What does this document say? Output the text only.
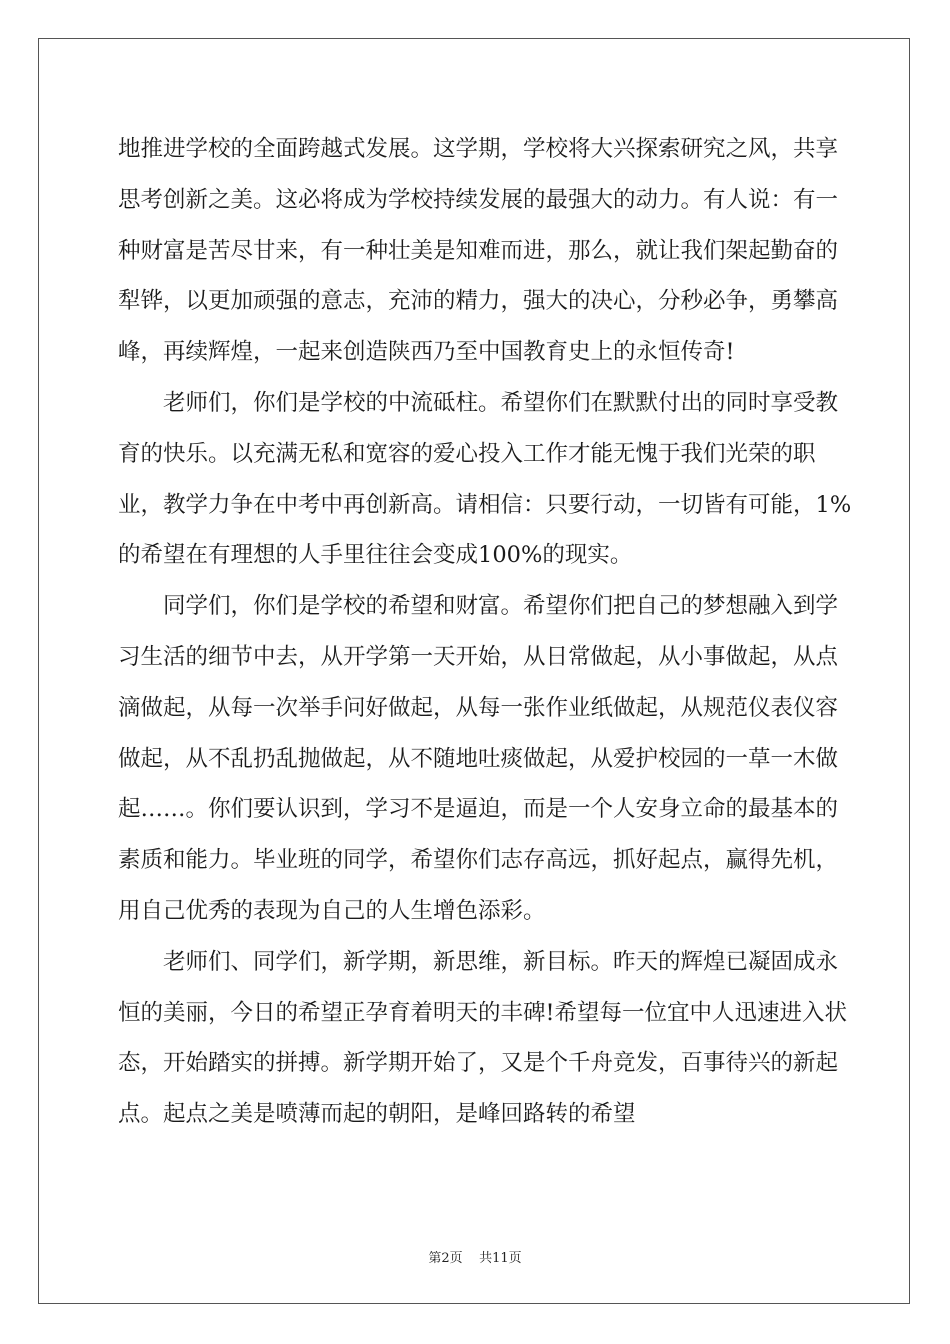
地推进学校的全面跨越式发展。这学期，学校将大兴探索研究之风，共享思考创新之美。这必将成为学校持续发展的最强大的动力。有人说：有一种财富是苦尽甘来，有一种壮美是知难而进，那么，就让我们架起勤奋的犁铧，以更加顽强的意志，充沛的精力，强大的决心，分秒必争，勇攀高峰，再续辉煌，一起来创造陕西乃至中国教育史上的永恒传奇!

老师们，你们是学校的中流砥柱。希望你们在默默付出的同时享受教育的快乐。以充满无私和宽容的爱心投入工作才能无愧于我们光荣的职业，教学力争在中考中再创新高。请相信：只要行动，一切皆有可能，1%的希望在有理想的人手里往往会变成100%的现实。

同学们，你们是学校的希望和财富。希望你们把自己的梦想融入到学习生活的细节中去，从开学第一天开始，从日常做起，从小事做起，从点滴做起，从每一次举手问好做起，从每一张作业纸做起，从规范仪表仪容做起，从不乱扔乱抛做起，从不随地吐痰做起，从爱护校园的一草一木做起……。你们要认识到，学习不是逼迫，而是一个人安身立命的最基本的素质和能力。毕业班的同学，希望你们志存高远，抓好起点，赢得先机，用自己优秀的表现为自己的人生增色添彩。

老师们、同学们，新学期，新思维，新目标。昨天的辉煌已凝固成永恒的美丽，今日的希望正孕育着明天的丰碑!希望每一位宜中人迅速进入状态，开始踏实的拼搏。新学期开始了，又是个千舟竞发，百事待兴的新起点。起点之美是喷薄而起的朝阳，是峰回路转的希望

第2页 共11页
